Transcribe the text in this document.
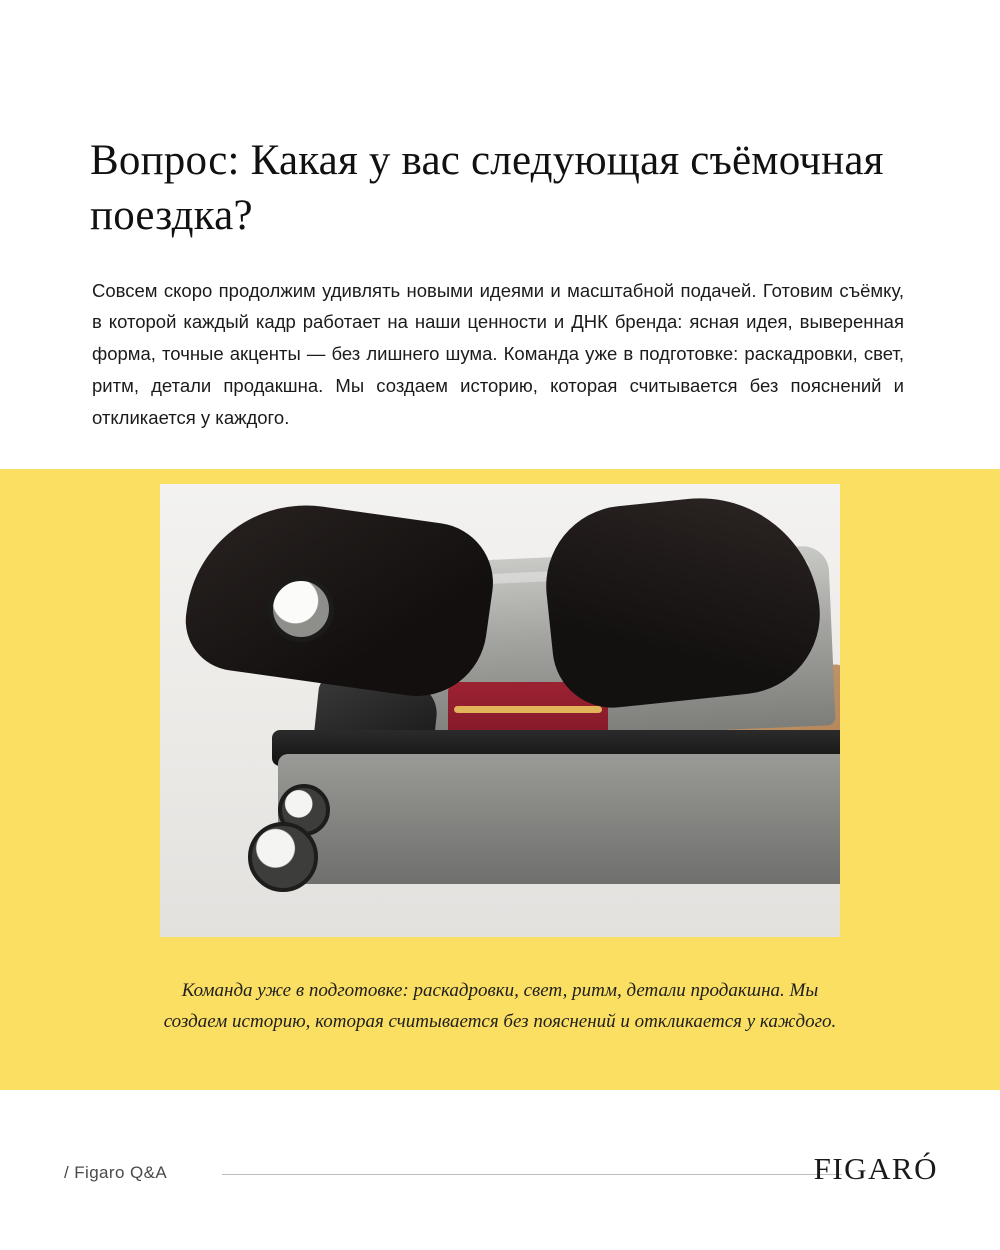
Вопрос: Какая у вас следующая съёмочная поездка?

Совсем скоро продолжим удивлять новыми идеями и масштабной подачей. Готовим съёмку, в которой каждый кадр работает на наши ценности и ДНК бренда: ясная идея, выверенная форма, точные акценты — без лишнего шума. Команда уже в подготовке: раскадровки, свет, ритм, детали продакшна. Мы создаем историю, которая считывается без пояснений и откликается у каждого.

Команда уже в подготовке: раскадровки, свет, ритм, детали продакшна. Мы создаем историю, которая считывается без пояснений и откликается у каждого.

/ Figaro Q&A	FIGARÓ
